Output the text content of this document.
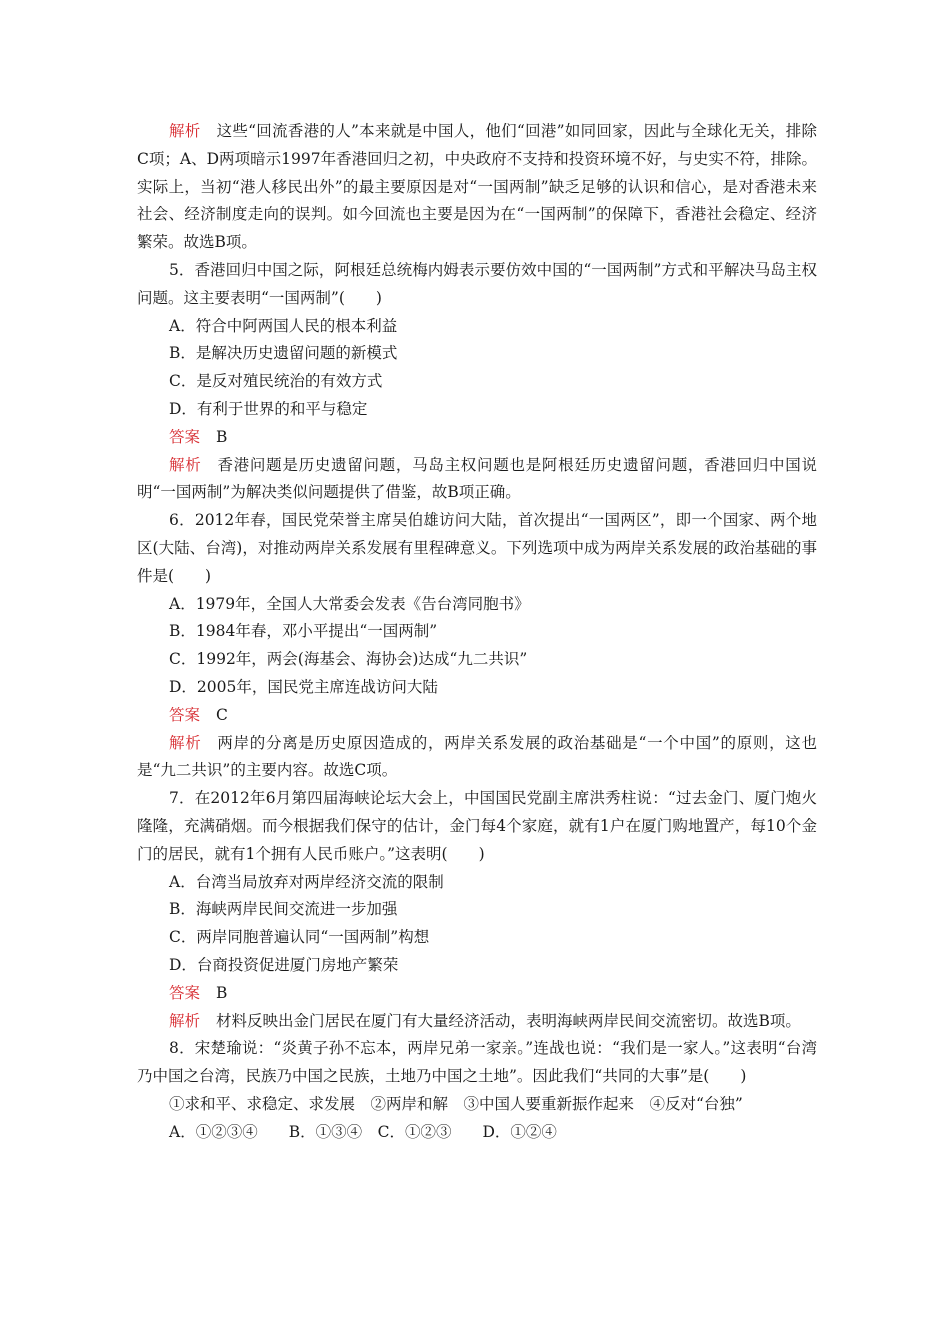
解析 这些“回流香港的人”本来就是中国人，他们“回港”如同回家，因此与全球化无关，排除C项；A、D两项暗示1997年香港回归之初，中央政府不支持和投资环境不好，与史实不符，排除。实际上，当初“港人移民出外”的最主要原因是对“一国两制”缺乏足够的认识和信心，是对香港未来社会、经济制度走向的误判。如今回流也主要是因为在“一国两制”的保障下，香港社会稳定、经济繁荣。故选B项。

5．香港回归中国之际，阿根廷总统梅内姆表示要仿效中国的“一国两制”方式和平解决马岛主权问题。这主要表明“一国两制”(　　)

A．符合中阿两国人民的根本利益

B．是解决历史遗留问题的新模式

C．是反对殖民统治的有效方式

D．有利于世界的和平与稳定

答案 B

解析 香港问题是历史遗留问题，马岛主权问题也是阿根廷历史遗留问题，香港回归中国说明“一国两制”为解决类似问题提供了借鉴，故B项正确。

6．2012年春，国民党荣誉主席吴伯雄访问大陆，首次提出“一国两区”，即一个国家、两个地区(大陆、台湾)，对推动两岸关系发展有里程碑意义。下列选项中成为两岸关系发展的政治基础的事件是(　　)

A．1979年，全国人大常委会发表《告台湾同胞书》

B．1984年春，邓小平提出“一国两制”

C．1992年，两会(海基会、海协会)达成“九二共识”

D．2005年，国民党主席连战访问大陆

答案 C

解析 两岸的分离是历史原因造成的，两岸关系发展的政治基础是“一个中国”的原则，这也是“九二共识”的主要内容。故选C项。

7．在2012年6月第四届海峡论坛大会上，中国国民党副主席洪秀柱说：“过去金门、厦门炮火隆隆，充满硝烟。而今根据我们保守的估计，金门每4个家庭，就有1户在厦门购地置产，每10个金门的居民，就有1个拥有人民币账户。”这表明(　　)

A．台湾当局放弃对两岸经济交流的限制

B．海峡两岸民间交流进一步加强

C．两岸同胞普遍认同“一国两制”构想

D．台商投资促进厦门房地产繁荣

答案 B

解析 材料反映出金门居民在厦门有大量经济活动，表明海峡两岸民间交流密切。故选B项。

8．宋楚瑜说：“炎黄子孙不忘本，两岸兄弟一家亲。”连战也说：“我们是一家人。”这表明“台湾乃中国之台湾，民族乃中国之民族，土地乃中国之土地”。因此我们“共同的大事”是(　　)

①求和平、求稳定、求发展　②两岸和解　③中国人要重新振作起来　④反对“台独”

A．①②③④　　B．①③④　C．①②③　　D．①②④
